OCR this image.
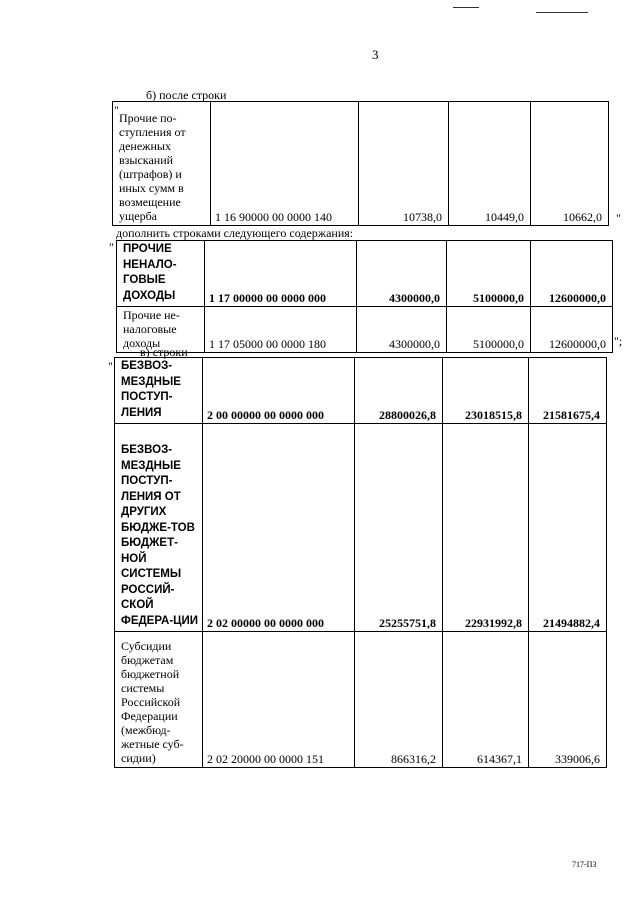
3
б) после строки
"
Прочие по-ступления от денежных взысканий (штрафов) и иных сумм в возмещение ущерба	1 16 90000 00 0000 140	10738,0	10449,0	10662,0 "
дополнить строками следующего содержания:
" ПРОЧИЕ НЕНАЛО-ГОВЫЕ ДОХОДЫ	1 17 00000 00 0000 000	4300000,0	5100000,0	12600000,0
Прочие не-налоговые доходы	1 17 05000 00 0000 180	4300000,0	5100000,0	12600000,0 ";
в) строки
" БЕЗВОЗ-МЕЗДНЫЕ ПОСТУП-ЛЕНИЯ	2 00 00000 00 0000 000	28800026,8	23018515,8	21581675,4
БЕЗВОЗ-МЕЗДНЫЕ ПОСТУП-ЛЕНИЯ ОТ ДРУГИХ БЮДЖЕ-ТОВ БЮДЖЕТ-НОЙ СИСТЕМЫ РОССИЙ-СКОЙ ФЕДЕРА-ЦИИ	2 02 00000 00 0000 000	25255751,8	22931992,8	21494882,4
Субсидии бюджетам бюджетной системы Российской Федерации (межбюд-жетные суб-сидии)	2 02 20000 00 0000 151	866316,2	614367,1	339006,6
717-П3
